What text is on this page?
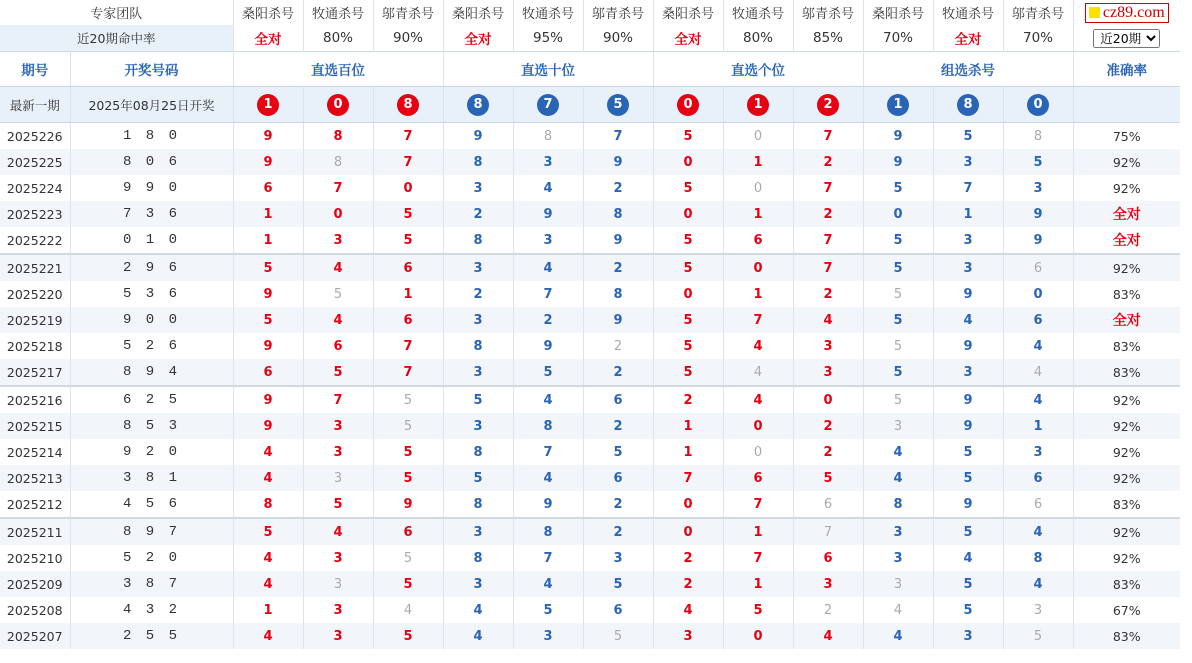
专家团队		桑阳杀号	牧通杀号	邬青杀号	桑阳杀号	牧通杀号	邬青杀号	桑阳杀号	牧通杀号	邬青杀号	桑阳杀号	牧通杀号	邬青杀号	cz89.com

近20期命中率		全对	80%	90%	全对	95%	90%	全对	80%	85%	70%	全对	70%	
近20期
期号	开奖号码	直选百位			直选十位			直选个位			组选杀号			准确率
最新一期	2025年08月25日开奖	1	0	8	8	7	5	0	1	2	1	8	0	
2025226	1 8 0	9	8	7	9	8	7	5	0	7	9	5	8	75%
2025225	8 0 6	9	8	7	8	3	9	0	1	2	9	3	5	92%
2025224	9 9 0	6	7	0	3	4	2	5	0	7	5	7	3	92%
2025223	7 3 6	1	0	5	2	9	8	0	1	2	0	1	9	全对
2025222	0 1 0	1	3	5	8	3	9	5	6	7	5	3	9	全对
2025221	2 9 6	5	4	6	3	4	2	5	0	7	5	3	6	92%
2025220	5 3 6	9	5	1	2	7	8	0	1	2	5	9	0	83%
2025219	9 0 0	5	4	6	3	2	9	5	7	4	5	4	6	全对
2025218	5 2 6	9	6	7	8	9	2	5	4	3	5	9	4	83%
2025217	8 9 4	6	5	7	3	5	2	5	4	3	5	3	4	83%
2025216	6 2 5	9	7	5	5	4	6	2	4	0	5	9	4	92%
2025215	8 5 3	9	3	5	3	8	2	1	0	2	3	9	1	92%
2025214	9 2 0	4	3	5	8	7	5	1	0	2	4	5	3	92%
2025213	3 8 1	4	3	5	5	4	6	7	6	5	4	5	6	92%
2025212	4 5 6	8	5	9	8	9	2	0	7	6	8	9	6	83%
2025211	8 9 7	5	4	6	3	8	2	0	1	7	3	5	4	92%
2025210	5 2 0	4	3	5	8	7	3	2	7	6	3	4	8	92%
2025209	3 8 7	4	3	5	3	4	5	2	1	3	3	5	4	83%
2025208	4 3 2	1	3	4	4	5	6	4	5	2	4	5	3	67%
2025207	2 5 5	4	3	5	4	3	5	3	0	4	4	3	5	83%
